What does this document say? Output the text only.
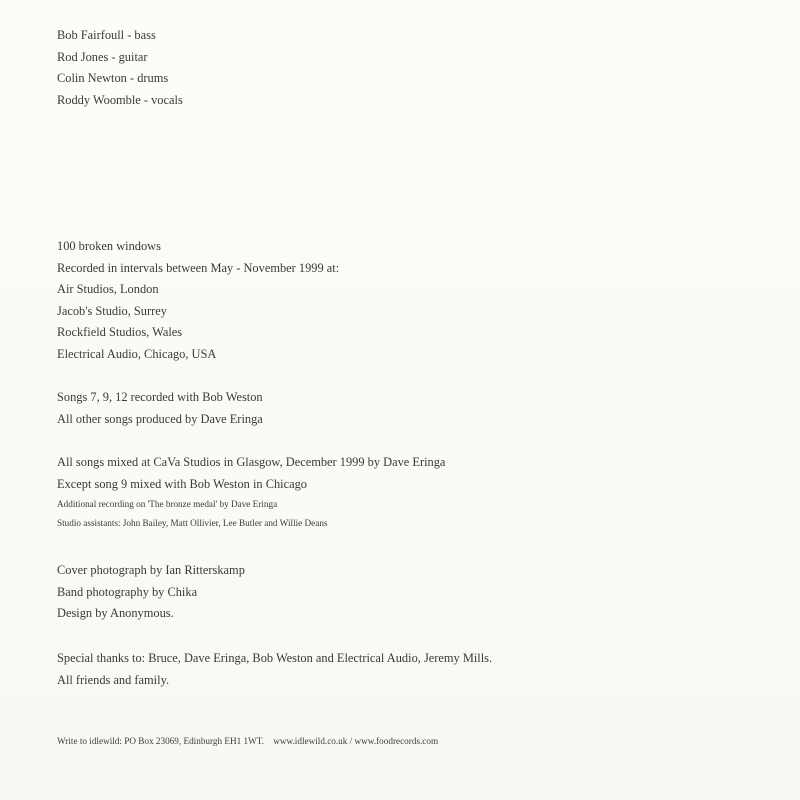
Bob Fairfoull - bass
Rod Jones - guitar
Colin Newton - drums
Roddy Woomble - vocals
100 broken windows
Recorded in intervals between May - November 1999 at:
Air Studios, London
Jacob's Studio, Surrey
Rockfield Studios, Wales
Electrical Audio, Chicago, USA
Songs 7, 9, 12 recorded with Bob Weston
All other songs produced by Dave Eringa
All songs mixed at CaVa Studios in Glasgow, December 1999 by Dave Eringa
Except song 9 mixed with Bob Weston in Chicago
Additional recording on 'The bronze medal' by Dave Eringa
Studio assistants: John Bailey, Matt Ollivier, Lee Butler and Willie Deans
Cover photograph by Ian Ritterskamp
Band photography by Chika
Design by Anonymous.
Special thanks to: Bruce, Dave Eringa, Bob Weston and Electrical Audio, Jeremy Mills.
All friends and family.
Write to idlewild: PO Box 23069, Edinburgh EH1 1WT.    www.idlewild.co.uk / www.foodrecords.com
